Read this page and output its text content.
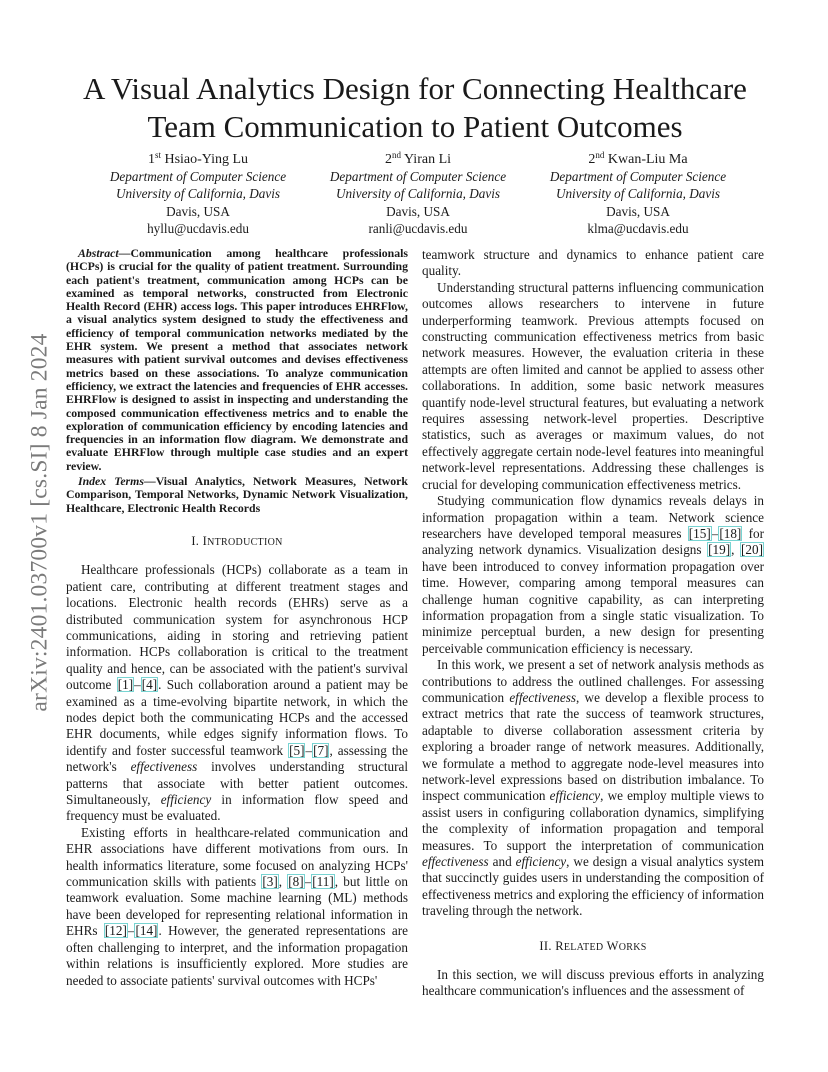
arXiv:2401.03700v1 [cs.SI] 8 Jan 2024
A Visual Analytics Design for Connecting Healthcare
Team Communication to Patient Outcomes
1st Hsiao-Ying Lu
Department of Computer Science
University of California, Davis
Davis, USA
hyllu@ucdavis.edu
2nd Yiran Li
Department of Computer Science
University of California, Davis
Davis, USA
ranli@ucdavis.edu
2nd Kwan-Liu Ma
Department of Computer Science
University of California, Davis
Davis, USA
klma@ucdavis.edu

Abstract—Communication among healthcare professionals (HCPs) is crucial for the quality of patient treatment. Surrounding each patient's treatment, communication among HCPs can be examined as temporal networks, constructed from Electronic Health Record (EHR) access logs. This paper introduces EHRFlow, a visual analytics system designed to study the effectiveness and efficiency of temporal communication networks mediated by the EHR system. We present a method that associates network measures with patient survival outcomes and devises effectiveness metrics based on these associations. To analyze communication efficiency, we extract the latencies and frequencies of EHR accesses. EHRFlow is designed to assist in inspecting and understanding the composed communication effectiveness metrics and to enable the exploration of communication efficiency by encoding latencies and frequencies in an information flow diagram. We demonstrate and evaluate EHRFlow through multiple case studies and an expert review.

Index Terms—Visual Analytics, Network Measures, Network Comparison, Temporal Networks, Dynamic Network Visualization, Healthcare, Electronic Health Records

I. INTRODUCTION

Healthcare professionals (HCPs) collaborate as a team in patient care, contributing at different treatment stages and locations. Electronic health records (EHRs) serve as a distributed communication system for asynchronous HCP communications, aiding in storing and retrieving patient information. HCPs collaboration is critical to the treatment quality and hence, can be associated with the patient's survival outcome [1]–[4]. Such collaboration around a patient may be examined as a time-evolving bipartite network, in which the nodes depict both the communicating HCPs and the accessed EHR documents, while edges signify information flows. To identify and foster successful teamwork [5]–[7], assessing the network's effectiveness involves understanding structural patterns that associate with better patient outcomes. Simultaneously, efficiency in information flow speed and frequency must be evaluated.

Existing efforts in healthcare-related communication and EHR associations have different motivations from ours. In health informatics literature, some focused on analyzing HCPs' communication skills with patients [3], [8]–[11], but little on teamwork evaluation. Some machine learning (ML) methods have been developed for representing relational information in EHRs [12]–[14]. However, the generated representations are often challenging to interpret, and the information propagation within relations is insufficiently explored. More studies are needed to associate patients' survival outcomes with HCPs'

teamwork structure and dynamics to enhance patient care quality.

Understanding structural patterns influencing communication outcomes allows researchers to intervene in future underperforming teamwork. Previous attempts focused on constructing communication effectiveness metrics from basic network measures. However, the evaluation criteria in these attempts are often limited and cannot be applied to assess other collaborations. In addition, some basic network measures quantify node-level structural features, but evaluating a network requires assessing network-level properties. Descriptive statistics, such as averages or maximum values, do not effectively aggregate certain node-level features into meaningful network-level representations. Addressing these challenges is crucial for developing communication effectiveness metrics.

Studying communication flow dynamics reveals delays in information propagation within a team. Network science researchers have developed temporal measures [15]–[18] for analyzing network dynamics. Visualization designs [19], [20] have been introduced to convey information propagation over time. However, comparing among temporal measures can challenge human cognitive capability, as can interpreting information propagation from a single static visualization. To minimize perceptual burden, a new design for presenting perceivable communication efficiency is necessary.

In this work, we present a set of network analysis methods as contributions to address the outlined challenges. For assessing communication effectiveness, we develop a flexible process to extract metrics that rate the success of teamwork structures, adaptable to diverse collaboration assessment criteria by exploring a broader range of network measures. Additionally, we formulate a method to aggregate node-level measures into network-level expressions based on distribution imbalance. To inspect communication efficiency, we employ multiple views to assist users in configuring collaboration dynamics, simplifying the complexity of information propagation and temporal measures. To support the interpretation of communication effectiveness and efficiency, we design a visual analytics system that succinctly guides users in understanding the composition of effectiveness metrics and exploring the efficiency of information traveling through the network.

II. RELATED WORKS

In this section, we will discuss previous efforts in analyzing healthcare communication's influences and the assessment of
